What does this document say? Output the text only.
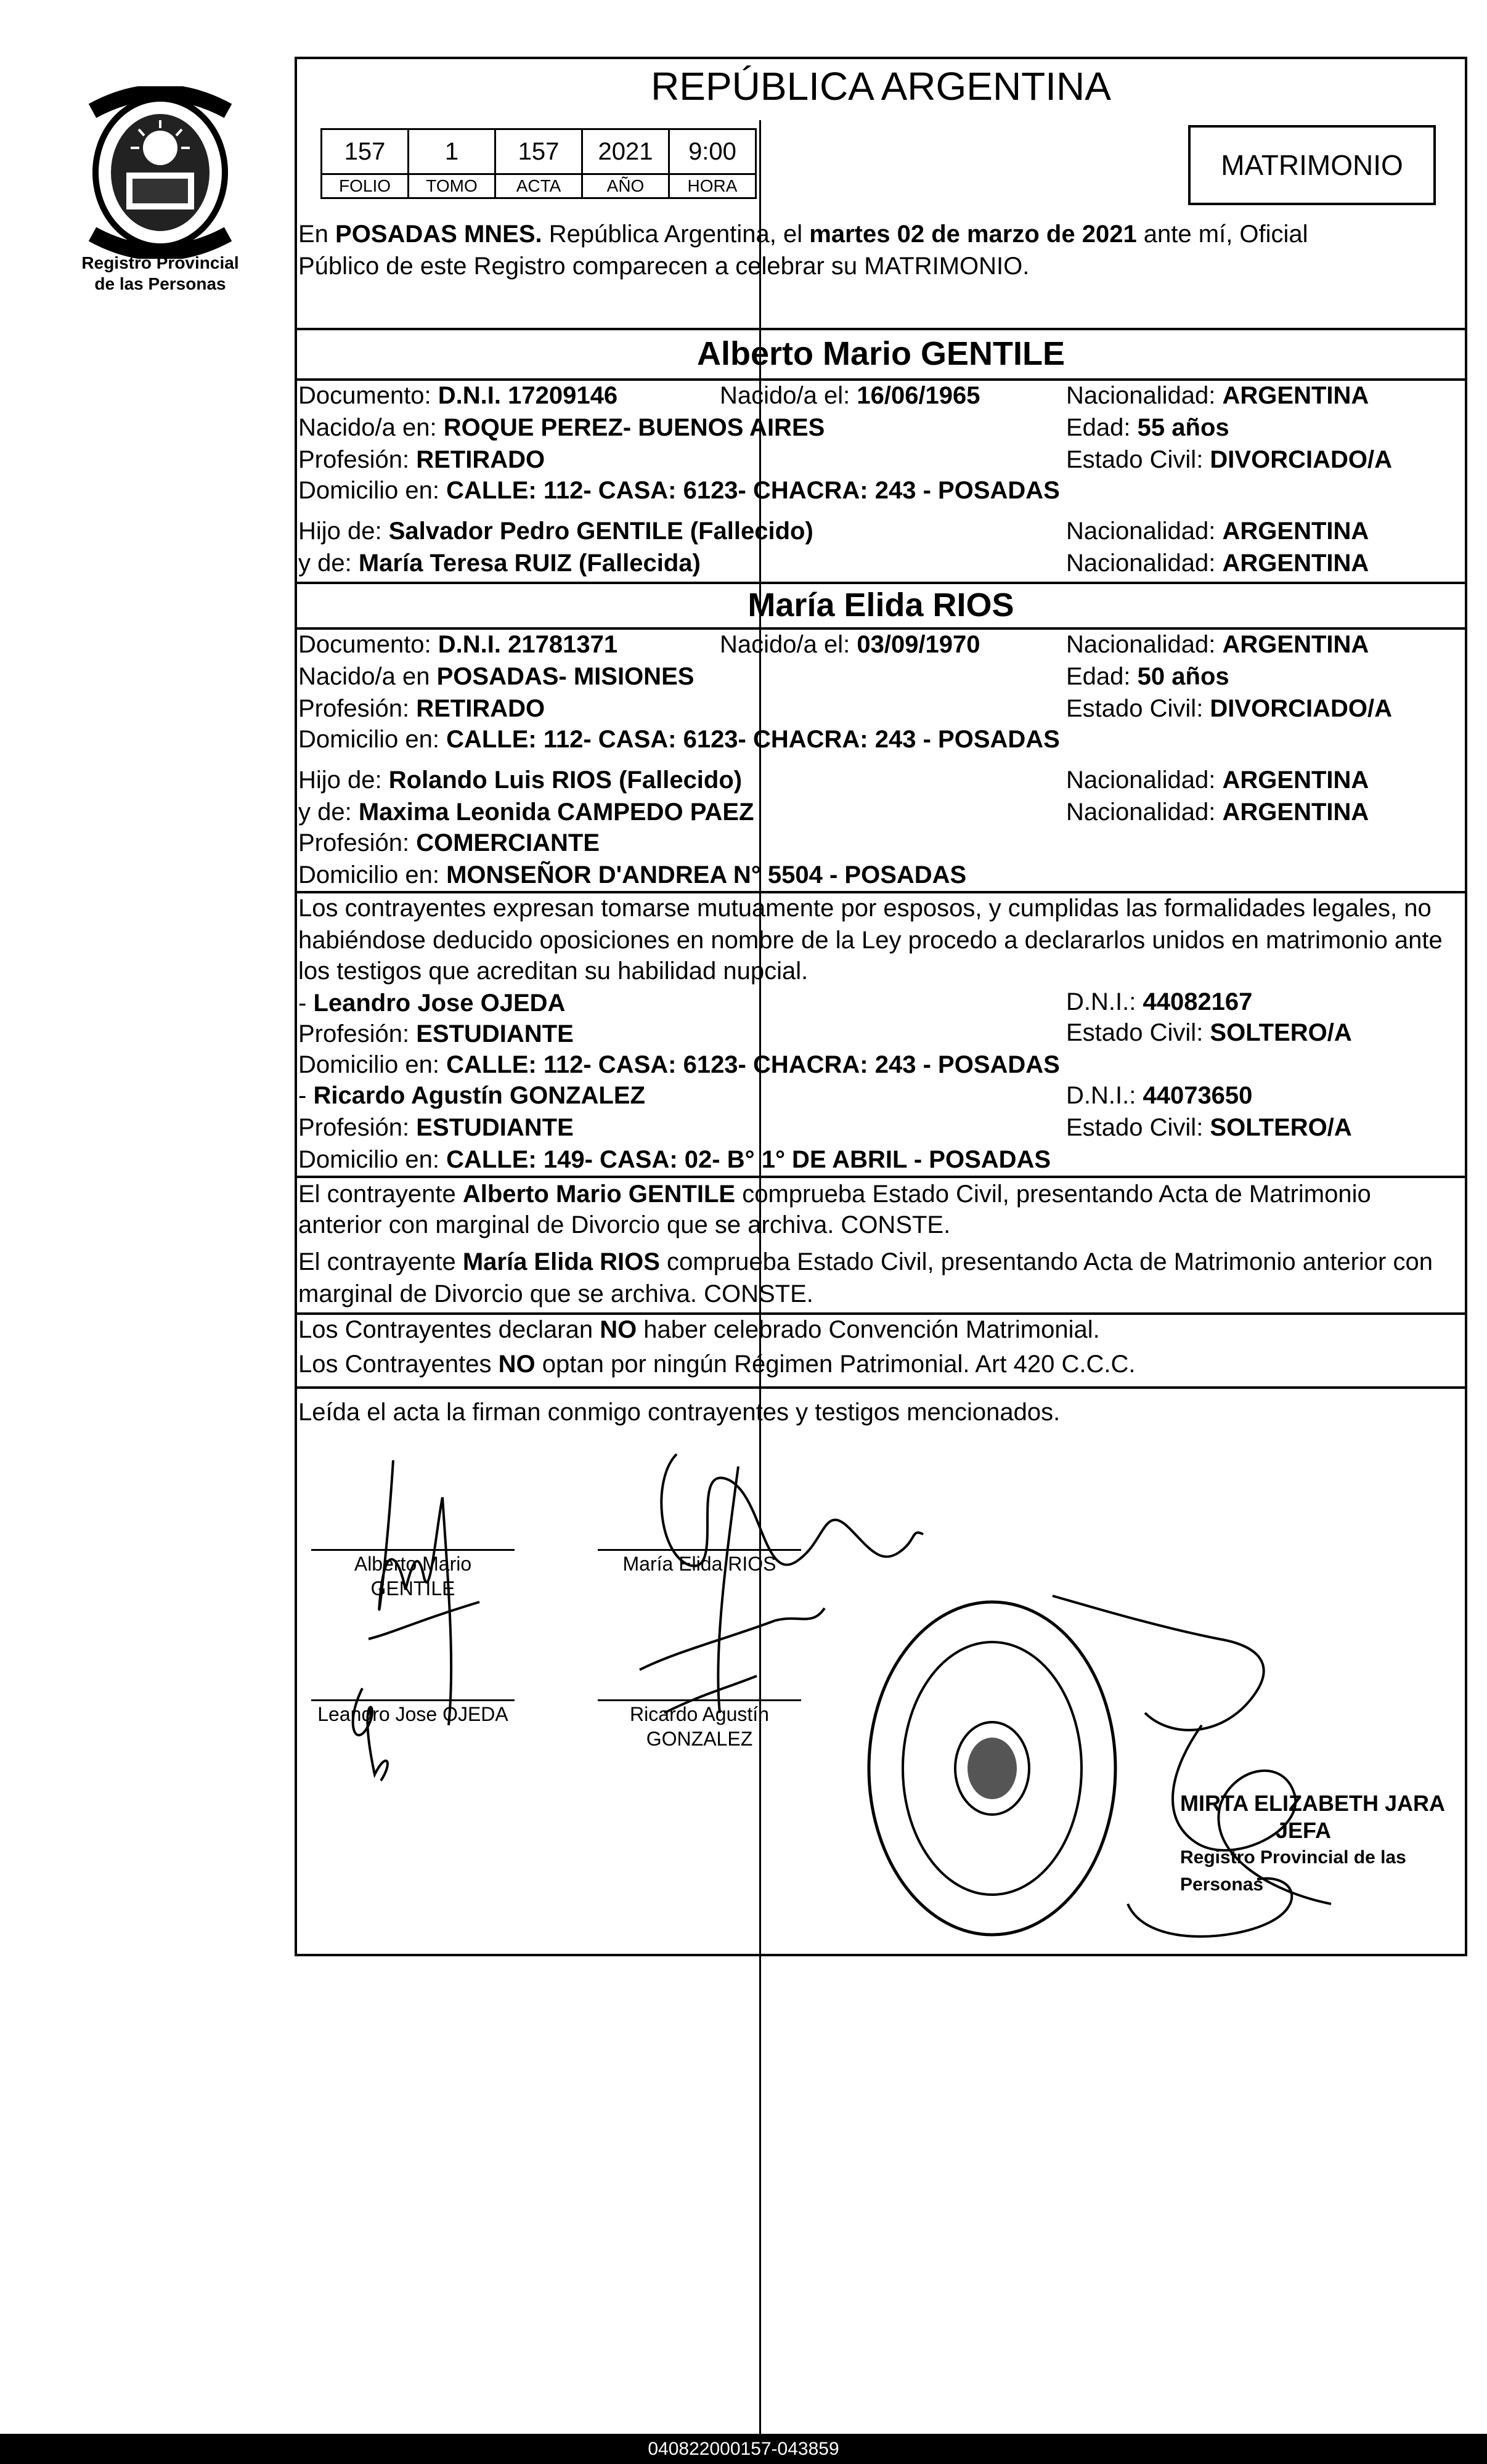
Registro Provincial
de las Personas
REPÚBLICA ARGENTINA
157	1	157	2021	9:00
FOLIO	TOMO	ACTA	AÑO	HORA
MATRIMONIO
En POSADAS MNES. República Argentina, el martes 02 de marzo de 2021 ante mí, Oficial
Público de este Registro comparecen a celebrar su MATRIMONIO.
Alberto Mario GENTILE
Documento: D.N.I. 17209146	Nacido/a el: 16/06/1965	Nacionalidad: ARGENTINA
Nacido/a en: ROQUE PEREZ- BUENOS AIRES	Edad: 55 años
Profesión: RETIRADO	Estado Civil: DIVORCIADO/A
Domicilio en: CALLE: 112- CASA: 6123- CHACRA: 243 - POSADAS
Hijo de: Salvador Pedro GENTILE (Fallecido)	Nacionalidad: ARGENTINA
y de: María Teresa RUIZ (Fallecida)	Nacionalidad: ARGENTINA
María Elida RIOS
Documento: D.N.I. 21781371	Nacido/a el: 03/09/1970	Nacionalidad: ARGENTINA
Nacido/a en POSADAS- MISIONES	Edad: 50 años
Profesión: RETIRADO	Estado Civil: DIVORCIADO/A
Domicilio en: CALLE: 112- CASA: 6123- CHACRA: 243 - POSADAS
Hijo de: Rolando Luis RIOS (Fallecido)	Nacionalidad: ARGENTINA
y de: Maxima Leonida CAMPEDO PAEZ	Nacionalidad: ARGENTINA
Profesión: COMERCIANTE
Domicilio en: MONSEÑOR D'ANDREA N° 5504 - POSADAS
Los contrayentes expresan tomarse mutuamente por esposos, y cumplidas las formalidades legales, no
habiéndose deducido oposiciones en nombre de la Ley procedo a declararlos unidos en matrimonio ante
los testigos que acreditan su habilidad nupcial.
- Leandro Jose OJEDA	D.N.I.: 44082167
Profesión: ESTUDIANTE	Estado Civil: SOLTERO/A
Domicilio en: CALLE: 112- CASA: 6123- CHACRA: 243 - POSADAS
- Ricardo Agustín GONZALEZ	D.N.I.: 44073650
Profesión: ESTUDIANTE	Estado Civil: SOLTERO/A
Domicilio en: CALLE: 149- CASA: 02- B° 1° DE ABRIL - POSADAS
El contrayente Alberto Mario GENTILE comprueba Estado Civil, presentando Acta de Matrimonio
anterior con marginal de Divorcio que se archiva. CONSTE.
El contrayente María Elida RIOS comprueba Estado Civil, presentando Acta de Matrimonio anterior con
marginal de Divorcio que se archiva. CONSTE.
Los Contrayentes declaran NO haber celebrado Convención Matrimonial.
Los Contrayentes NO optan por ningún Régimen Patrimonial. Art 420 C.C.C.
Leída el acta la firman conmigo contrayentes y testigos mencionados.
Alberto Mario GENTILE
María Elida RIOS
Leandro Jose OJEDA	Ricardo Agustín
GONZALEZ
MIRTA ELIZABETH JARA
JEFA
Registro Provincial de las Personas
040822000157-043859
